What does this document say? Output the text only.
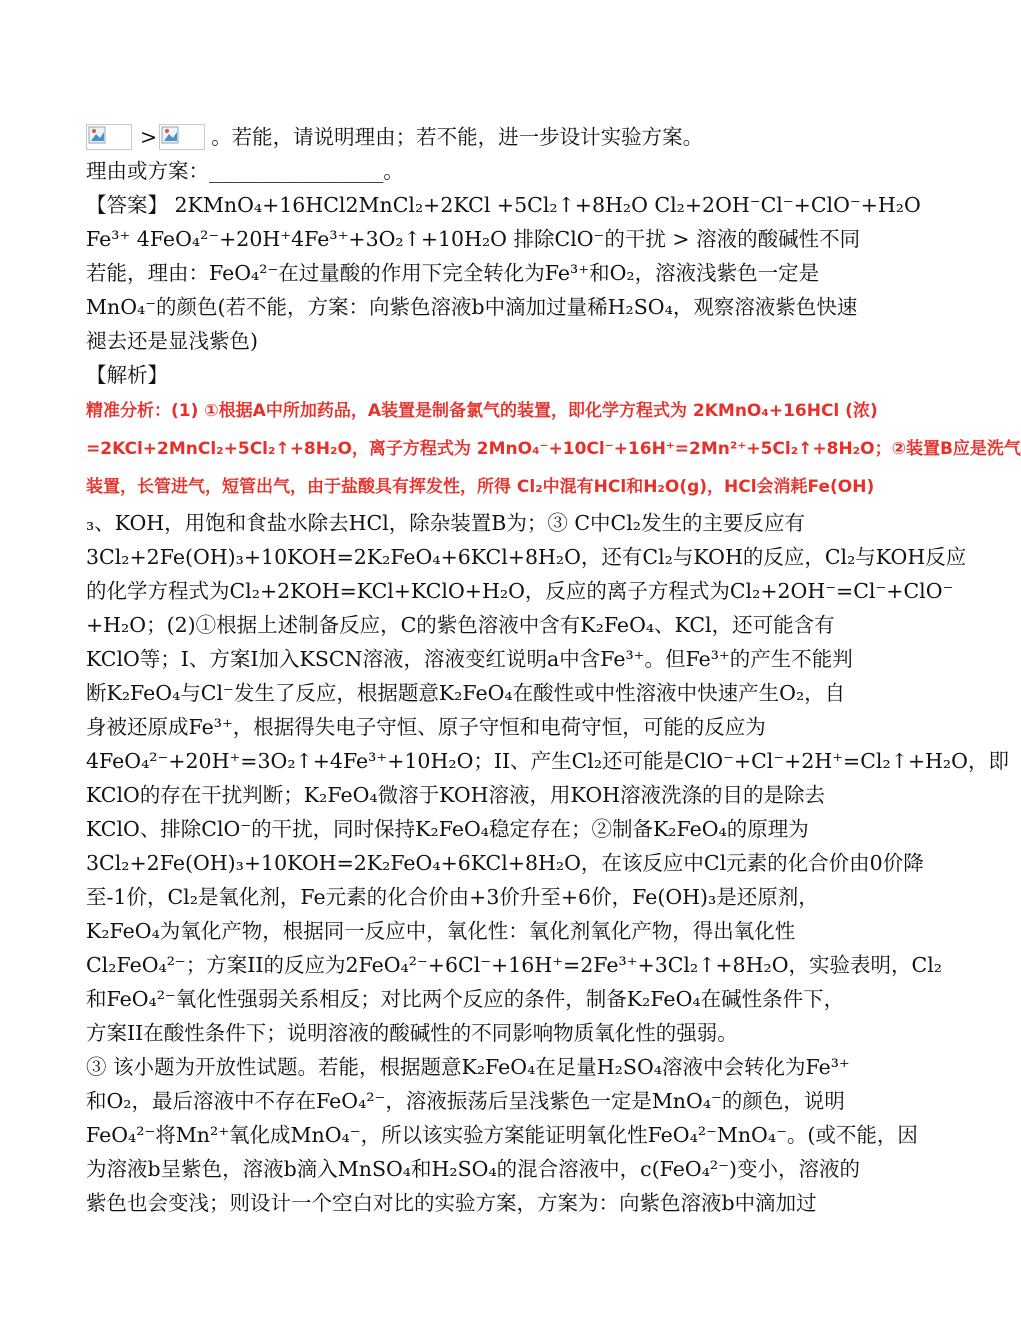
>	。若能，请说明理由；若不能，进一步设计实验方案。
理由或方案：_________________。
【答案】 2KMnO₄+16HCl2MnCl₂+2KCl +5Cl₂↑+8H₂O Cl₂+2OH⁻Cl⁻+ClO⁻+H₂O
Fe³⁺ 4FeO₄²⁻+20H⁺4Fe³⁺+3O₂↑+10H₂O 排除ClO⁻的干扰 > 溶液的酸碱性不同
若能，理由：FeO₄²⁻在过量酸的作用下完全转化为Fe³⁺和O₂，溶液浅紫色一定是
MnO₄⁻的颜色(若不能，方案：向紫色溶液b中滴加过量稀H₂SO₄，观察溶液紫色快速
褪去还是显浅紫色)
【解析】
精准分析：(1) ①根据A中所加药品，A装置是制备氯气的装置，即化学方程式为 2KMnO₄+16HCl (浓)
=2KCl+2MnCl₂+5Cl₂↑+8H₂O，离子方程式为 2MnO₄⁻+10Cl⁻+16H⁺=2Mn²⁺+5Cl₂↑+8H₂O；②装置B应是洗气
装置，长管进气，短管出气，由于盐酸具有挥发性，所得 Cl₂中混有HCl和H₂O(g)，HCl会消耗Fe(OH)
₃、KOH，用饱和食盐水除去HCl，除杂装置B为；③ C中Cl₂发生的主要反应有
3Cl₂+2Fe(OH)₃+10KOH=2K₂FeO₄+6KCl+8H₂O，还有Cl₂与KOH的反应，Cl₂与KOH反应
的化学方程式为Cl₂+2KOH=KCl+KClO+H₂O，反应的离子方程式为Cl₂+2OH⁻=Cl⁻+ClO⁻
+H₂O；(2)①根据上述制备反应，C的紫色溶液中含有K₂FeO₄、KCl，还可能含有
KClO等；I、方案I加入KSCN溶液，溶液变红说明a中含Fe³⁺。但Fe³⁺的产生不能判
断K₂FeO₄与Cl⁻发生了反应，根据题意K₂FeO₄在酸性或中性溶液中快速产生O₂，自
身被还原成Fe³⁺，根据得失电子守恒、原子守恒和电荷守恒，可能的反应为
4FeO₄²⁻+20H⁺=3O₂↑+4Fe³⁺+10H₂O；II、产生Cl₂还可能是ClO⁻+Cl⁻+2H⁺=Cl₂↑+H₂O，即
KClO的存在干扰判断；K₂FeO₄微溶于KOH溶液，用KOH溶液洗涤的目的是除去
KClO、排除ClO⁻的干扰，同时保持K₂FeO₄稳定存在；②制备K₂FeO₄的原理为
3Cl₂+2Fe(OH)₃+10KOH=2K₂FeO₄+6KCl+8H₂O，在该反应中Cl元素的化合价由0价降
至-1价，Cl₂是氧化剂，Fe元素的化合价由+3价升至+6价，Fe(OH)₃是还原剂，
K₂FeO₄为氧化产物，根据同一反应中，氧化性：氧化剂氧化产物，得出氧化性
Cl₂FeO₄²⁻；方案II的反应为2FeO₄²⁻+6Cl⁻+16H⁺=2Fe³⁺+3Cl₂↑+8H₂O，实验表明，Cl₂
和FeO₄²⁻氧化性强弱关系相反；对比两个反应的条件，制备K₂FeO₄在碱性条件下，
方案II在酸性条件下；说明溶液的酸碱性的不同影响物质氧化性的强弱。
③ 该小题为开放性试题。若能，根据题意K₂FeO₄在足量H₂SO₄溶液中会转化为Fe³⁺
和O₂，最后溶液中不存在FeO₄²⁻，溶液振荡后呈浅紫色一定是MnO₄⁻的颜色，说明
FeO₄²⁻将Mn²⁺氧化成MnO₄⁻，所以该实验方案能证明氧化性FeO₄²⁻MnO₄⁻。(或不能，因
为溶液b呈紫色，溶液b滴入MnSO₄和H₂SO₄的混合溶液中，c(FeO₄²⁻)变小，溶液的
紫色也会变浅；则设计一个空白对比的实验方案，方案为：向紫色溶液b中滴加过
